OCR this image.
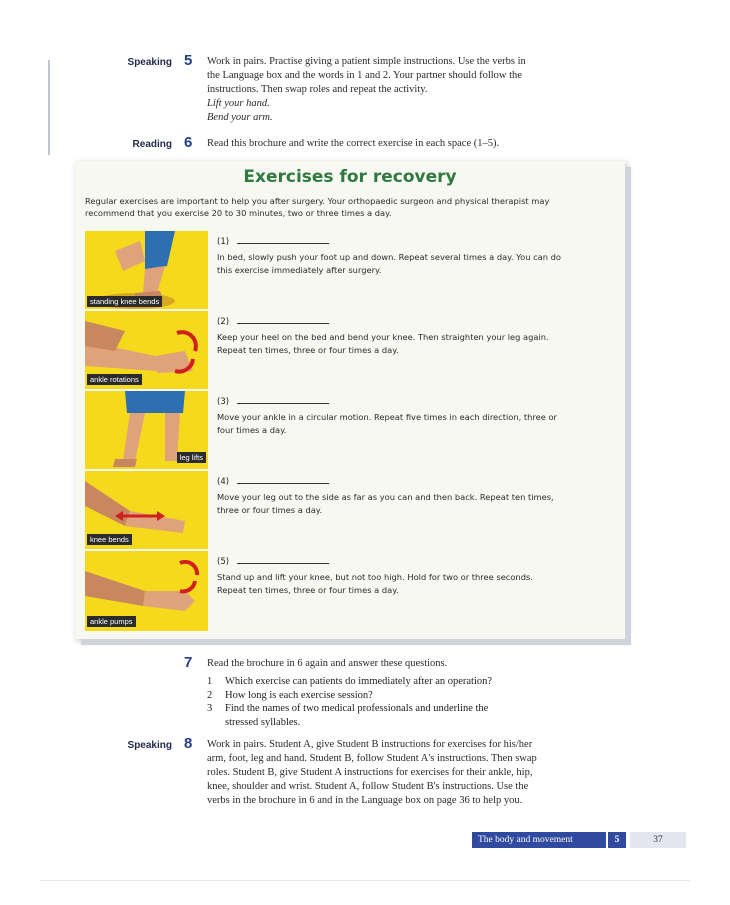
Speaking 5 Work in pairs. Practise giving a patient simple instructions. Use the verbs in
the Language box and the words in 1 and 2. Your partner should follow the
instructions. Then swap roles and repeat the activity.
Lift your hand.
Bend your arm.
Reading 6 Read this brochure and write the correct exercise in each space (1–5).
Exercises for recovery
Regular exercises are important to help you after surgery. Your orthopaedic surgeon and physical therapist may
recommend that you exercise 20 to 30 minutes, two or three times a day.
standing knee bends
(1)
In bed, slowly push your foot up and down. Repeat several times a day. You can do
this exercise immediately after surgery.
ankle rotations
(2)
Keep your heel on the bed and bend your knee. Then straighten your leg again.
Repeat ten times, three or four times a day.
leg lifts
(3)
Move your ankle in a circular motion. Repeat five times in each direction, three or
four times a day.
knee bends
(4)
Move your leg out to the side as far as you can and then back. Repeat ten times,
three or four times a day.
ankle pumps
(5)
Stand up and lift your knee, but not too high. Hold for two or three seconds.
Repeat ten times, three or four times a day.
7 Read the brochure in 6 again and answer these questions.
1	Which exercise can patients do immediately after an operation?
2	How long is each exercise session?
3	Find the names of two medical professionals and underline the
stressed syllables.
Speaking 8 Work in pairs. Student A, give Student B instructions for exercises for his/her
arm, foot, leg and hand. Student B, follow Student A's instructions. Then swap
roles. Student B, give Student A instructions for exercises for their ankle, hip,
knee, shoulder and wrist. Student A, follow Student B's instructions. Use the
verbs in the brochure in 6 and in the Language box on page 36 to help you.
The body and movement	5	37
